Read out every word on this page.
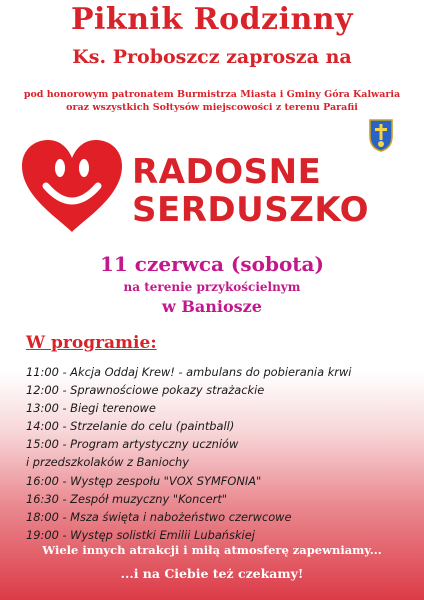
Piknik Rodzinny
Ks. Proboszcz zaprosza na
pod honorowym patronatem Burmistrza Miasta i Gminy Góra Kalwaria
oraz wszystkich Sołtysów miejscowości z terenu Parafii
RADOSNE
SERDUSZKO
11 czerwca (sobota)
na terenie przykościelnym
w Baniosze
W programie:
11:00 - Akcja Oddaj Krew! - ambulans do pobierania krwi
12:00 - Sprawnościowe pokazy strażackie
13:00 - Biegi terenowe
14:00 - Strzelanie do celu (paintball)
15:00 - Program artystyczny uczniów
i przedszkolaków z Baniochy
16:00 - Występ zespołu "VOX SYMFONIA"
16:30 - Zespół muzyczny "Koncert"
18:00 - Msza święta i nabożeństwo czerwcowe
19:00 - Występ solistki Emilii Lubańskiej
Wiele innych atrakcji i miłą atmosferę zapewniamy...
...i na Ciebie też czekamy!
